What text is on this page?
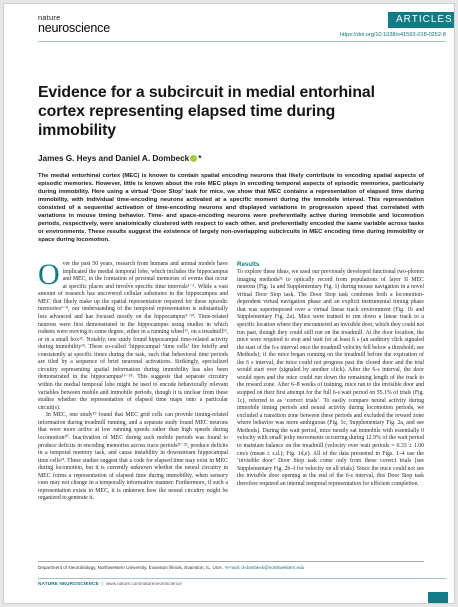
nature
neuroscience
ARTICLES
https://doi.org/10.1038/s41593-018-0252-8
Evidence for a subcircuit in medial entorhinal cortex representing elapsed time during immobility
James G. Heys and Daniel A. Dombeck *

The medial entorhinal cortex (MEC) is known to contain spatial encoding neurons that likely contribute to encoding spatial aspects of episodic memories. However, little is known about the role MEC plays in encoding temporal aspects of episodic memories, particularly during immobility. Here using a virtual ‘Door Stop’ task for mice, we show that MEC contains a representation of elapsed time during immobility, with individual time-encoding neurons activated at a specific moment during the immobile interval. This representation consisted of a sequential activation of time-encoding neurons and displayed variations in progression speed that correlated with variations in mouse timing behavior. Time- and space-encoding neurons were preferentially active during immobile and locomotion periods, respectively, were anatomically clustered with respect to each other, and preferentially encoded the same variable across tasks or environments. These results suggest the existence of largely non-overlapping subcircuits in MEC encoding time during immobility or space during locomotion.

Over the past 50 years, research from humans and animal models have implicated the medial temporal lobe, which includes the hippocampus and MEC, in the formation of personal memories of events that occur at specific places and involve specific time intervals¹⁻⁵. While a vast amount of research has uncovered cellular substrates in the hippocampus and MEC that likely make up the spatial representation required for these episodic memories⁶⁻⁸, our understanding of the temporal representation is substantially less advanced and has focused mostly on the hippocampus⁹⁻¹⁴. Time-related neurons were first demonstrated in the hippocampus using studies in which rodents were moving to some degree, either in a running wheel¹¹, on a treadmill¹³, or in a small box¹⁵. Notably, one study found hippocampal time-related activity during immobility¹⁵. These so-called ‘hippocampal ‘time cells’ fire briefly and consistently at specific times during the task, such that behavioral time periods are tiled by a sequence of brief neuronal activations. Strikingly, specialized circuitry representing spatial information during immobility has also been demonstrated in the hippocampus¹⁶⁻¹⁸. This suggests that separate circuitry within the medial temporal lobe might be used to encode behaviorally relevant variables between mobile and immobile periods, though it is unclear from these studies whether the representation of elapsed time maps onto a particular circuit(s).

In MEC, one study¹⁹ found that MEC grid cells can provide timing-related information during treadmill running, and a separate study found MEC neurons that were more active at low running speeds rather than high speeds during locomotion²⁰. Inactivation of MEC during such mobile periods was found to produce deficits in encoding memories across trace periods²¹⁻²³, produce deficits in a temporal memory task, and cause instability in downstream hippocampal time cells²⁴. These studies suggest that a code for elapsed time may exist in MEC during locomotion, but it is currently unknown whether the neural circuitry in MEC forms a representation of elapsed time during immobility, when sensory cues may not change in a temporally informative manner. Furthermore, if such a representation exists in MEC, it is unknown how the neural circuitry might be organized to generate it.

Results

To explore these ideas, we used our previously developed functional two-photon imaging methods²⁵ to optically record from populations of layer II MEC neurons (Fig. 1a and Supplementary Fig. 1) during mouse navigation in a novel virtual Door Stop task. The Door Stop task combines both a locomotion-dependent virtual navigation phase and an explicit instrumental timing phase that was superimposed over a virtual linear track environment (Fig. 1b and Supplementary Fig. 2a). Mice were trained to run down a linear track to a specific location where they encountered an invisible door, which they could not run past, though they could still run on the treadmill. At the door location, the mice were required to stop and wait for at least 6 s (an auditory click signaled the start of the 6-s interval once the treadmill velocity fell below a threshold; see Methods); if the mice began running on the treadmill before the expiration of the 6 s interval, the mice could not progress past the closed door and the trial would start over (signaled by another click). After the 6-s interval, the door would open and the mice could run down the remaining length of the track to the reward zone. After 6–8 weeks of training, mice ran to the invisible door and stopped on their first attempt for the full 6-s wait period on 55.1% of trials (Fig. 1c), referred to as ‘correct trials’. To easily compare neural activity during immobile timing periods and neural activity during locomotion periods, we excluded a transition zone between these periods and excluded the reward zone where behavior was more ambiguous (Fig. 1c, Supplementary Fig. 2a, and see Methods). During the wait period, mice mostly sat immobile with essentially 0 velocity with small jerky movements occurring during 12.9% of the wait period to maintain balance on the treadmill (velocity over wait periods = 0.33 ± 1.00 cm/s (mean ± s.d.); Fig. 1d,e). All of the data presented in Figs. 1–4 use the ‘invisible door’ Door Stop task come only from these correct trials (see Supplementary Fig. 2b–f for velocity on all trials). Since the mice could not see the invisible door opening at the end of the 6-s interval, this Door Stop task therefore required an internal temporal representation for efficient completion.

Department of Neurobiology, Northwestern University, Evanston Illinois, Evanston, IL, USA. *e-mail: d-dombeck@northwestern.edu
NATURE NEUROSCIENCE | www.nature.com/natureneuroscience
